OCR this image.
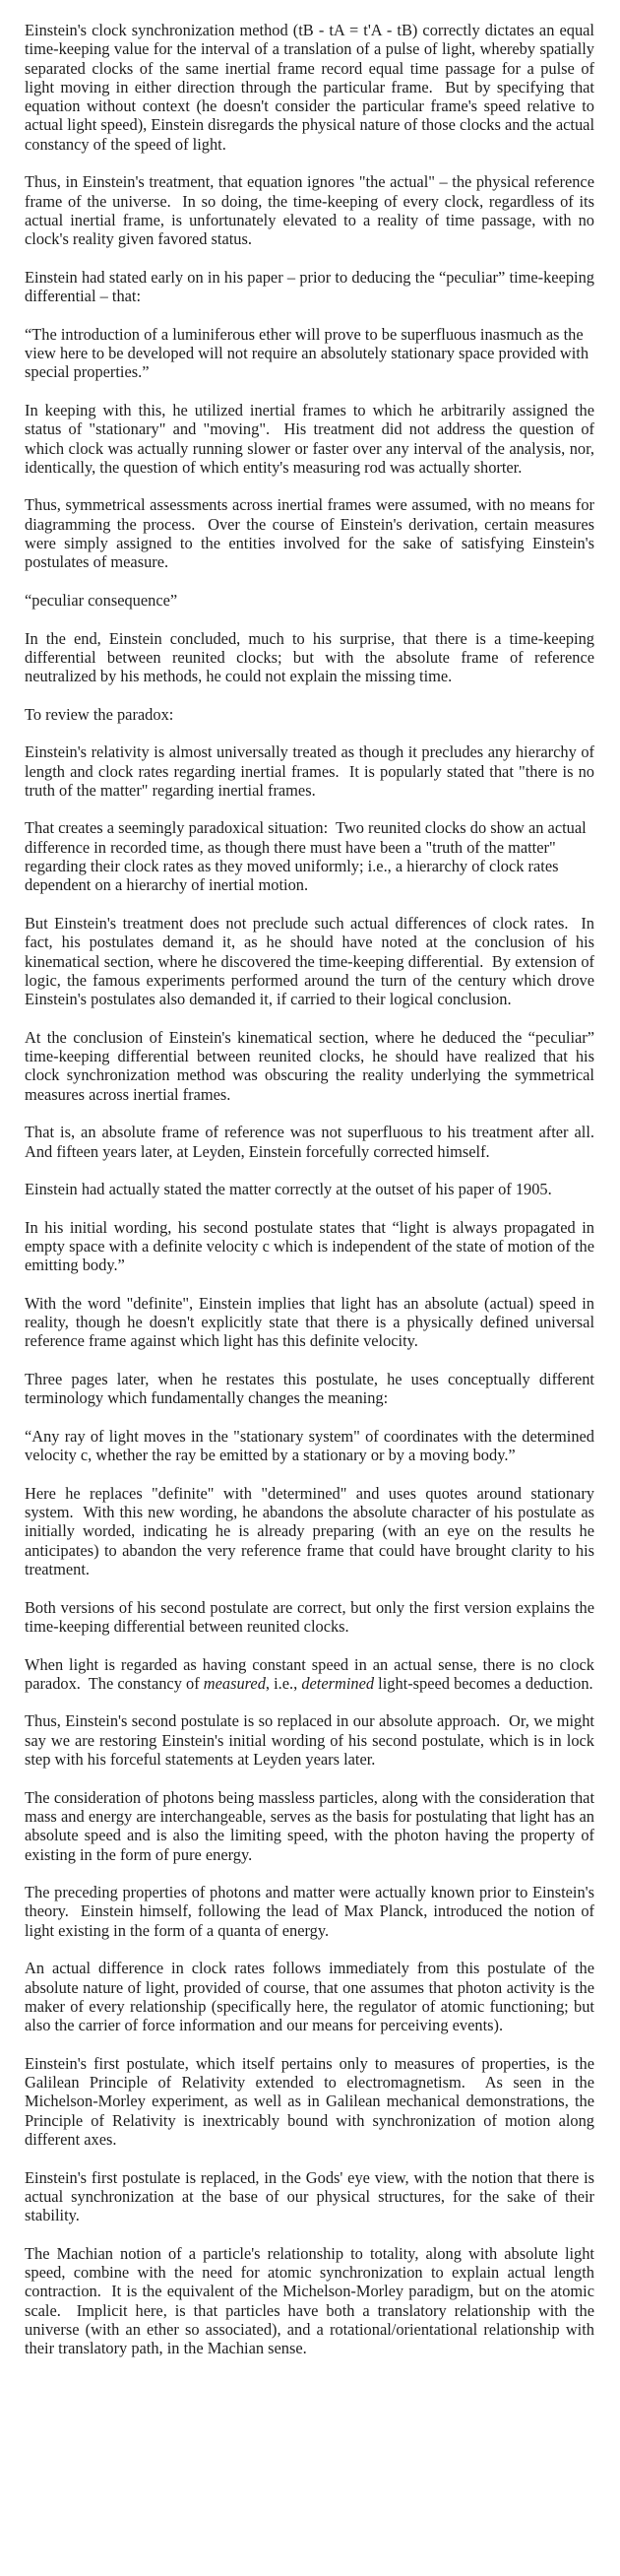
Einstein's clock synchronization method (tB - tA = t'A - tB) correctly dictates an equal time-keeping value for the interval of a translation of a pulse of light, whereby spatially separated clocks of the same inertial frame record equal time passage for a pulse of light moving in either direction through the particular frame.  But by specifying that equation without context (he doesn't consider the particular frame's speed relative to actual light speed), Einstein disregards the physical nature of those clocks and the actual constancy of the speed of light.

Thus, in Einstein's treatment, that equation ignores "the actual" – the physical reference frame of the universe.  In so doing, the time-keeping of every clock, regardless of its actual inertial frame, is unfortunately elevated to a reality of time passage, with no clock's reality given favored status.

Einstein had stated early on in his paper – prior to deducing the “peculiar” time-keeping differential – that:

“The introduction of a luminiferous ether will prove to be superfluous inasmuch as the view here to be developed will not require an absolutely stationary space provided with special properties.”

In keeping with this, he utilized inertial frames to which he arbitrarily assigned the status of "stationary" and "moving".  His treatment did not address the question of which clock was actually running slower or faster over any interval of the analysis, nor, identically, the question of which entity's measuring rod was actually shorter.

Thus, symmetrical assessments across inertial frames were assumed, with no means for diagramming the process.  Over the course of Einstein's derivation, certain measures were simply assigned to the entities involved for the sake of satisfying Einstein's postulates of measure.

“peculiar consequence”

In the end, Einstein concluded, much to his surprise, that there is a time-keeping differential between reunited clocks; but with the absolute frame of reference neutralized by his methods, he could not explain the missing time.

To review the paradox:

Einstein's relativity is almost universally treated as though it precludes any hierarchy of length and clock rates regarding inertial frames.  It is popularly stated that "there is no truth of the matter" regarding inertial frames.

That creates a seemingly paradoxical situation:  Two reunited clocks do show an actual difference in recorded time, as though there must have been a "truth of the matter" regarding their clock rates as they moved uniformly; i.e., a hierarchy of clock rates dependent on a hierarchy of inertial motion.

But Einstein's treatment does not preclude such actual differences of clock rates.  In fact, his postulates demand it, as he should have noted at the conclusion of his kinematical section, where he discovered the time-keeping differential.  By extension of logic, the famous experiments performed around the turn of the century which drove Einstein's postulates also demanded it, if carried to their logical conclusion.

At the conclusion of Einstein's kinematical section, where he deduced the “peculiar” time-keeping differential between reunited clocks, he should have realized that his clock synchronization method was obscuring the reality underlying the symmetrical measures across inertial frames.

That is, an absolute frame of reference was not superfluous to his treatment after all.  And fifteen years later, at Leyden, Einstein forcefully corrected himself.

Einstein had actually stated the matter correctly at the outset of his paper of 1905.

In his initial wording, his second postulate states that “light is always propagated in empty space with a definite velocity c which is independent of the state of motion of the emitting body.”

With the word "definite", Einstein implies that light has an absolute (actual) speed in reality, though he doesn't explicitly state that there is a physically defined universal reference frame against which light has this definite velocity.

Three pages later, when he restates this postulate, he uses conceptually different terminology which fundamentally changes the meaning:

“Any ray of light moves in the "stationary system" of coordinates with the determined velocity c, whether the ray be emitted by a stationary or by a moving body.”

Here he replaces "definite" with "determined" and uses quotes around stationary system.  With this new wording, he abandons the absolute character of his postulate as initially worded, indicating he is already preparing (with an eye on the results he anticipates) to abandon the very reference frame that could have brought clarity to his treatment.

Both versions of his second postulate are correct, but only the first version explains the time-keeping differential between reunited clocks.

When light is regarded as having constant speed in an actual sense, there is no clock paradox.  The constancy of measured, i.e., determined light-speed becomes a deduction.

Thus, Einstein's second postulate is so replaced in our absolute approach.  Or, we might say we are restoring Einstein's initial wording of his second postulate, which is in lock step with his forceful statements at Leyden years later.

The consideration of photons being massless particles, along with the consideration that mass and energy are interchangeable, serves as the basis for postulating that light has an absolute speed and is also the limiting speed, with the photon having the property of existing in the form of pure energy.

The preceding properties of photons and matter were actually known prior to Einstein's theory.  Einstein himself, following the lead of Max Planck, introduced the notion of light existing in the form of a quanta of energy.

An actual difference in clock rates follows immediately from this postulate of the absolute nature of light, provided of course, that one assumes that photon activity is the maker of every relationship (specifically here, the regulator of atomic functioning; but also the carrier of force information and our means for perceiving events).

Einstein's first postulate, which itself pertains only to measures of properties, is the Galilean Principle of Relativity extended to electromagnetism.  As seen in the Michelson-Morley experiment, as well as in Galilean mechanical demonstrations, the Principle of Relativity is inextricably bound with synchronization of motion along different axes.

Einstein's first postulate is replaced, in the Gods' eye view, with the notion that there is actual synchronization at the base of our physical structures, for the sake of their stability.

The Machian notion of a particle's relationship to totality, along with absolute light speed, combine with the need for atomic synchronization to explain actual length contraction.  It is the equivalent of the Michelson-Morley paradigm, but on the atomic scale.  Implicit here, is that particles have both a translatory relationship with the universe (with an ether so associated), and a rotational/​orientational relationship with their translatory path, in the Machian sense.
